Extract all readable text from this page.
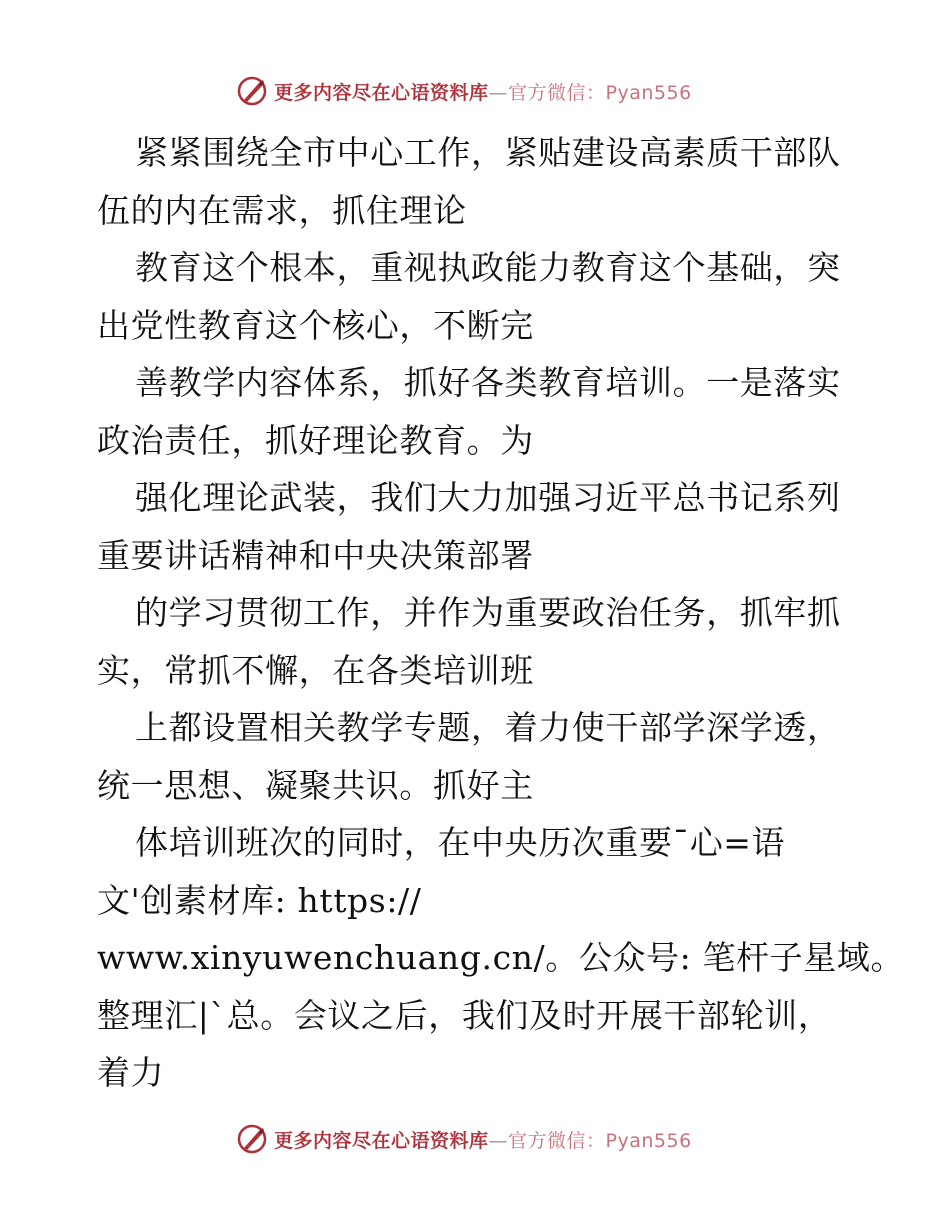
更多内容尽在心语资料库—官方微信：Pyan556
紧紧围绕全市中心工作，紧贴建设高素质干部队
伍的内在需求，抓住理论
教育这个根本，重视执政能力教育这个基础，突
出党性教育这个核心，不断完
善教学内容体系，抓好各类教育培训。一是落实
政治责任，抓好理论教育。为
强化理论武装，我们大力加强习近平总书记系列
重要讲话精神和中央决策部署
的学习贯彻工作，并作为重要政治任务，抓牢抓
实，常抓不懈，在各类培训班
上都设置相关教学专题，着力使干部学深学透，
统一思想、凝聚共识。抓好主
体培训班次的同时，在中央历次重要¯心=语
文'创素材库: https://
www.xinyuwenchuang.cn/。公众号: 笔杆子星域。
整理汇|`总。会议之后，我们及时开展干部轮训，
着力
更多内容尽在心语资料库—官方微信：Pyan556
